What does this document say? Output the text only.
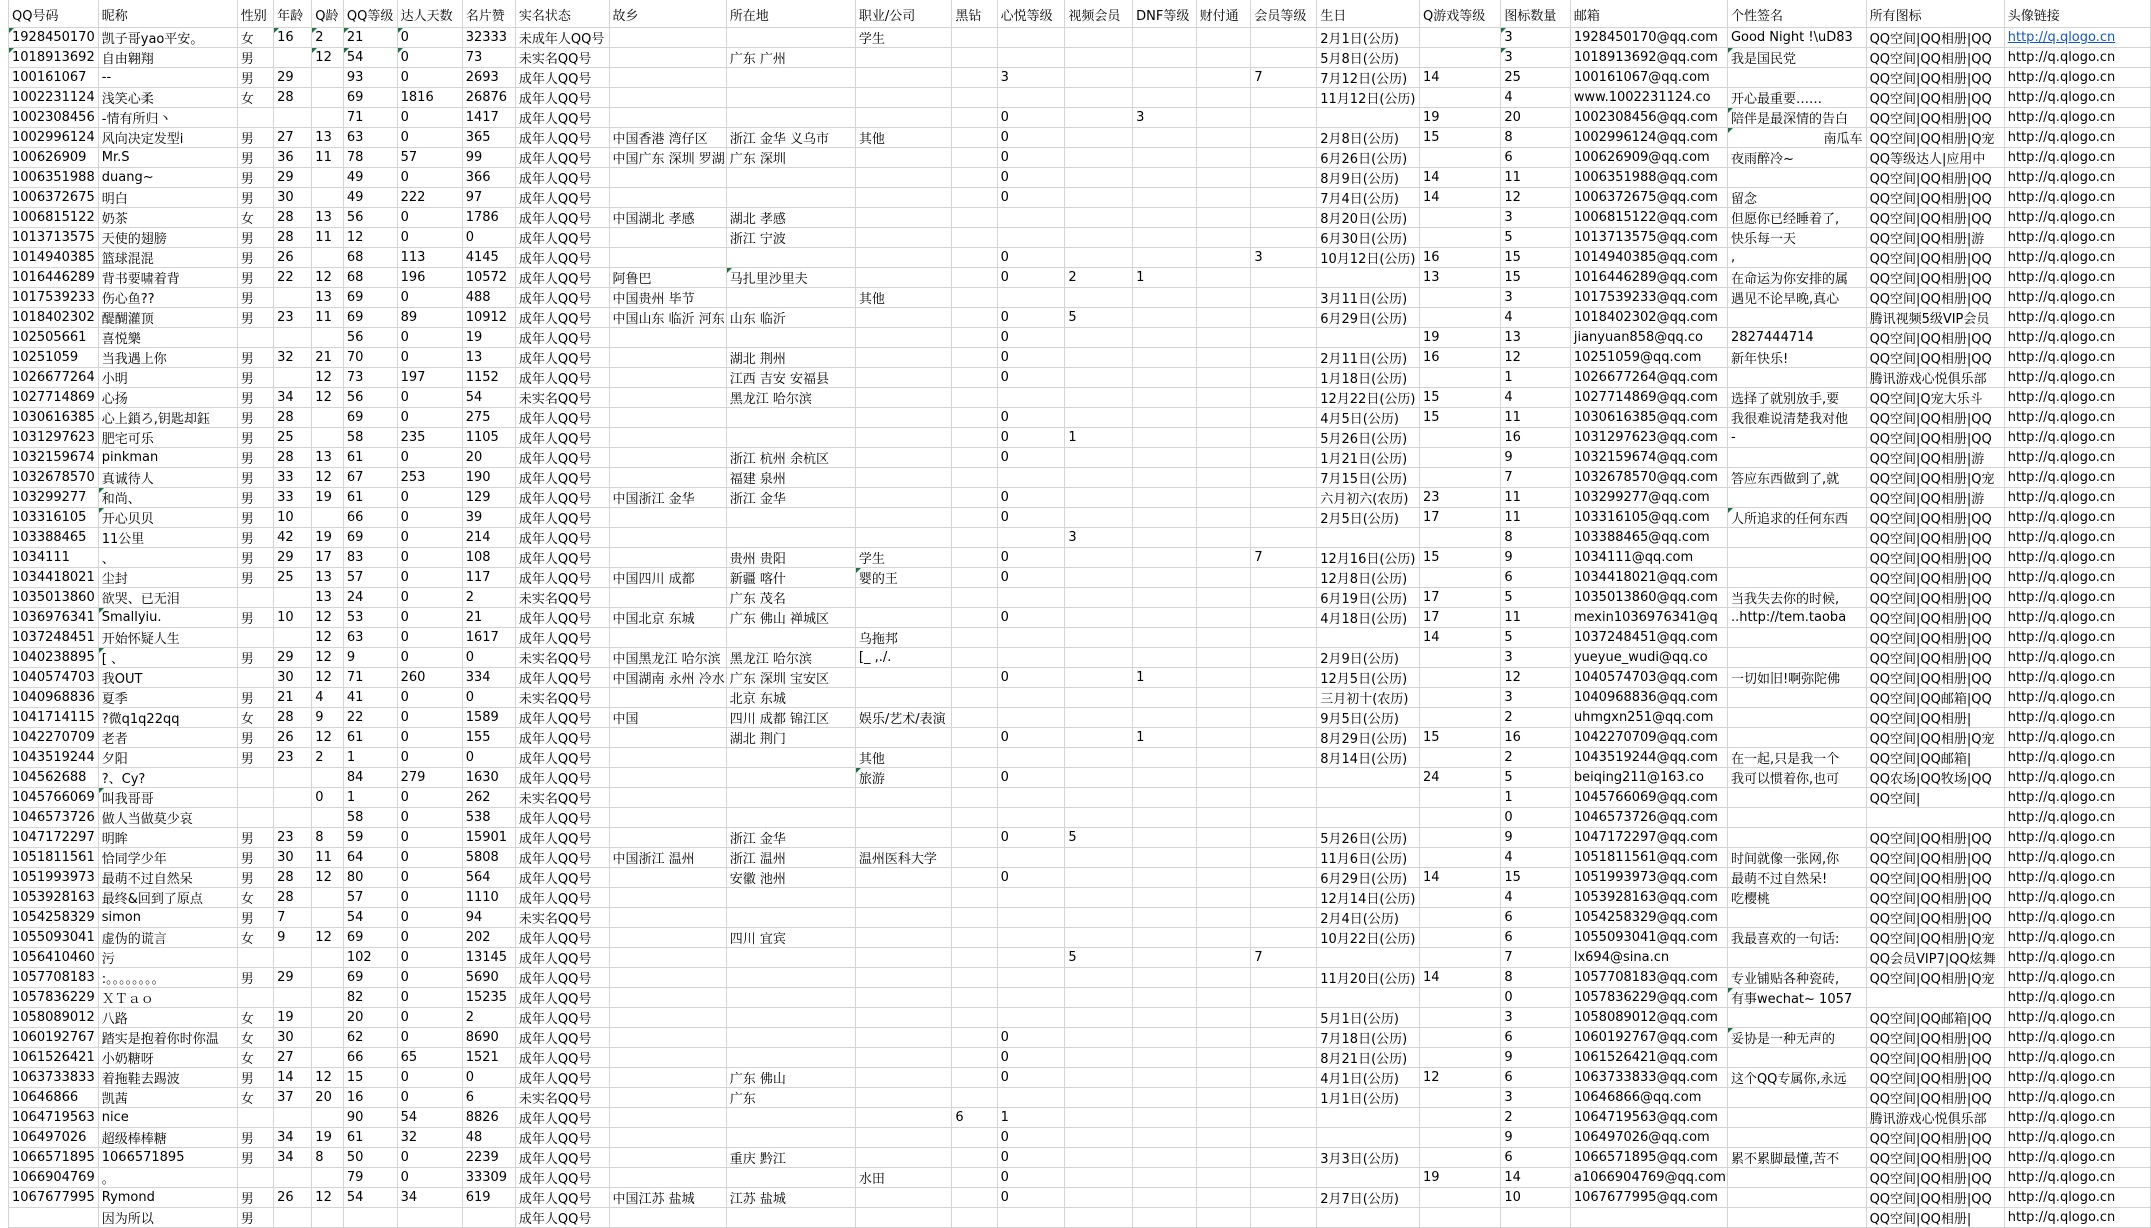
QQ号码	昵称	性别	年龄	Q龄	QQ等级	达人天数	名片赞	实名状态	故乡	所在地	职业/公司	黑钻	心悦等级	视频会员	DNF等级	财付通	会员等级	生日	Q游戏等级	图标数量	邮箱	个性签名	所有图标	头像链接
1928450170	凯子哥yao平安。	女	16	2	21	0	32333	未成年人QQ号			学生							2月1日(公历)		3	1928450170@qq.com	Good Night !\uD83	QQ空间|QQ相册|QQ	http://q.qlogo.cn
1018913692	自由翱翔	男		12	54	0	73	未实名QQ号		广东 广州								5月8日(公历)		3	1018913692@qq.com	我是国民党	QQ空间|QQ相册|QQ	http://q.qlogo.cn
100161067	--	男	29		93	0	2693	成年人QQ号					3				7	7月12日(公历)	14	25	100161067@qq.com		QQ空间|QQ相册|QQ	http://q.qlogo.cn
1002231124	浅笑心柔	女	28		69	1816	26876	成年人QQ号										11月12日(公历)		4	www.1002231124.co	开心最重要……	QQ空间|QQ相册|QQ	http://q.qlogo.cn
1002308456	-情有所归丶				71	0	1417	成年人QQ号					0		3				19	20	1002308456@qq.com	陪伴是最深情的告白	QQ空间|QQ相册|QQ	http://q.qlogo.cn
1002996124	风向决定发型i	男	27	13	63	0	365	成年人QQ号	中国香港 湾仔区	浙江 金华 义乌市	其他		0					2月8日(公历)	15	8	1002996124@qq.com	南瓜车	QQ空间|QQ相册|Q宠	http://q.qlogo.cn
100626909	Mr.S	男	36	11	78	57	99	成年人QQ号	中国广东 深圳 罗湖	广东 深圳			0					6月26日(公历)		6	100626909@qq.com	夜雨醉冷~	QQ等级达人|应用中	http://q.qlogo.cn
1006351988	duang~	男	29		49	0	366	成年人QQ号					0					8月9日(公历)	14	11	1006351988@qq.com		QQ空间|QQ相册|QQ	http://q.qlogo.cn
1006372675	明白	男	30		49	222	97	成年人QQ号					0					7月4日(公历)	14	12	1006372675@qq.com	留念	QQ空间|QQ相册|QQ	http://q.qlogo.cn
1006815122	奶茶	女	28	13	56	0	1786	成年人QQ号	中国湖北 孝感	湖北 孝感								8月20日(公历)		3	1006815122@qq.com	但愿你已经睡着了,	QQ空间|QQ相册|QQ	http://q.qlogo.cn
1013713575	天使的翅膀	男	28	11	12	0	0	成年人QQ号		浙江 宁波								6月30日(公历)		5	1013713575@qq.com	快乐每一天	QQ空间|QQ相册|游	http://q.qlogo.cn
1014940385	篮球混混	男	26		68	113	4145	成年人QQ号					0				3	10月12日(公历)	16	15	1014940385@qq.com	,	QQ空间|QQ相册|QQ	http://q.qlogo.cn
1016446289	背书要啸着背	男	22	12	68	196	10572	成年人QQ号	阿鲁巴	马扎里沙里夫			0	2	1				13	15	1016446289@qq.com	在命运为你安排的属	QQ空间|QQ相册|QQ	http://q.qlogo.cn
1017539233	伤心鱼??	男		13	69	0	488	成年人QQ号	中国贵州 毕节		其他							3月11日(公历)		3	1017539233@qq.com	遇见不论早晚,真心	QQ空间|QQ相册|QQ	http://q.qlogo.cn
1018402302	醍醐灌顶	男	23	11	69	89	10912	成年人QQ号	中国山东 临沂 河东	山东 临沂			0	5				6月29日(公历)		4	1018402302@qq.com		腾讯视频5级VIP会员	http://q.qlogo.cn
102505661	喜悦樂				56	0	19	成年人QQ号					0						19	13	jianyuan858@qq.co	2827444714	QQ空间|QQ相册|QQ	http://q.qlogo.cn
10251059	当我遇上你	男	32	21	70	0	13	成年人QQ号		湖北 荆州			0					2月11日(公历)	16	12	10251059@qq.com	新年快乐!	QQ空间|QQ相册|QQ	http://q.qlogo.cn
1026677264	小明	男		12	73	197	1152	成年人QQ号		江西 吉安 安福县			0					1月18日(公历)		1	1026677264@qq.com		腾讯游戏心悦俱乐部	http://q.qlogo.cn
1027714869	心扬	男	34	12	56	0	54	未实名QQ号		黑龙江 哈尔滨								12月22日(公历)	15	4	1027714869@qq.com	选择了就别放手,要	QQ空间|Q宠大乐斗	http://q.qlogo.cn
1030616385	心上鎖ろ,钥匙却鈺	男	28		69	0	275	成年人QQ号					0					4月5日(公历)	15	11	1030616385@qq.com	我很难说清楚我对他	QQ空间|QQ相册|QQ	http://q.qlogo.cn
1031297623	肥宅可乐	男	25		58	235	1105	成年人QQ号					0	1				5月26日(公历)		16	1031297623@qq.com	-	QQ空间|QQ相册|QQ	http://q.qlogo.cn
1032159674	pinkman	男	28	13	61	0	20	成年人QQ号		浙江 杭州 余杭区			0					1月21日(公历)		9	1032159674@qq.com		QQ空间|QQ相册|游	http://q.qlogo.cn
1032678570	真诚待人	男	33	12	67	253	190	成年人QQ号		福建 泉州								7月15日(公历)		7	1032678570@qq.com	答应东西做到了,就	QQ空间|QQ相册|Q宠	http://q.qlogo.cn
103299277	和尚、	男	33	19	61	0	129	成年人QQ号	中国浙江 金华	浙江 金华			0					六月初六(农历)	23	11	103299277@qq.com		QQ空间|QQ相册|游	http://q.qlogo.cn
103316105	开心贝贝	男	10		66	0	39	成年人QQ号					0					2月5日(公历)	17	11	103316105@qq.com	人所追求的任何东西	QQ空间|QQ相册|QQ	http://q.qlogo.cn
103388465	11公里	男	42	19	69	0	214	成年人QQ号						3						8	103388465@qq.com		QQ空间|QQ相册|QQ	http://q.qlogo.cn
1034111	、	男	29	17	83	0	108	成年人QQ号		贵州 贵阳	学生		0				7	12月16日(公历)	15	9	1034111@qq.com		QQ空间|QQ相册|QQ	http://q.qlogo.cn
1034418021	尘封	男	25	13	57	0	117	成年人QQ号	中国四川 成都	新疆 喀什	婴的王		0					12月8日(公历)		6	1034418021@qq.com		QQ空间|QQ相册|QQ	http://q.qlogo.cn
1035013860	欲哭、已无泪			13	24	0	2	未实名QQ号		广东 茂名								6月19日(公历)	17	5	1035013860@qq.com	当我失去你的时候,	QQ空间|QQ相册|QQ	http://q.qlogo.cn
1036976341	Smallyiu.	男	10	12	53	0	21	成年人QQ号	中国北京 东城	广东 佛山 禅城区			0					4月18日(公历)	17	11	mexin1036976341@q	..http://tem.taoba	QQ空间|QQ相册|QQ	http://q.qlogo.cn
1037248451	开始怀疑人生			12	63	0	1617	成年人QQ号			乌拖邦								14	5	1037248451@qq.com		QQ空间|QQ相册|QQ	http://q.qlogo.cn
1040238895	[ 、	男	29	12	9	0	0	未实名QQ号	中国黑龙江 哈尔滨	黑龙江 哈尔滨	[_ ,./.							2月9日(公历)		3	yueyue_wudi@qq.co		QQ空间|QQ相册|QQ	http://q.qlogo.cn
1040574703	我OUT		30	12	71	260	334	成年人QQ号	中国湖南 永州 冷水	广东 深圳 宝安区			0		1			12月5日(公历)		12	1040574703@qq.com	一切如旧!啊弥陀佛	QQ空间|QQ相册|QQ	http://q.qlogo.cn
1040968836	夏季	男	21	4	41	0	0	未实名QQ号		北京 东城								三月初十(农历)		3	1040968836@qq.com		QQ空间|QQ邮箱|QQ	http://q.qlogo.cn
1041714115	?微q1q22qq	女	28	9	22	0	1589	成年人QQ号	中国	四川 成都 锦江区	娱乐/艺术/表演							9月5日(公历)		2	uhmgxn251@qq.com		QQ空间|QQ相册|	http://q.qlogo.cn
1042270709	老者	男	26	12	61	0	155	成年人QQ号		湖北 荆门			0		1			8月29日(公历)	15	16	1042270709@qq.com		QQ空间|QQ相册|Q宠	http://q.qlogo.cn
1043519244	夕阳	男	23	2	1	0	0	成年人QQ号			其他							8月14日(公历)		2	1043519244@qq.com	在一起,只是我一个	QQ空间|QQ邮箱|	http://q.qlogo.cn
104562688	?、Cy?				84	279	1630	成年人QQ号			旅游		0						24	5	beiqing211@163.co	我可以惯着你,也可	QQ农场|QQ牧场|QQ	http://q.qlogo.cn
1045766069	叫我哥哥			0	1	0	262	未实名QQ号												1	1045766069@qq.com		QQ空间|	http://q.qlogo.cn
1046573726	做人当做莫少哀				58	0	538	成年人QQ号												0	1046573726@qq.com			http://q.qlogo.cn
1047172297	明眸	男	23	8	59	0	15901	成年人QQ号		浙江 金华			0	5				5月26日(公历)		9	1047172297@qq.com		QQ空间|QQ相册|QQ	http://q.qlogo.cn
1051811561	恰同学少年	男	30	11	64	0	5808	成年人QQ号	中国浙江 温州	浙江 温州	温州医科大学							11月6日(公历)		4	1051811561@qq.com	时间就像一张网,你	QQ空间|QQ相册|QQ	http://q.qlogo.cn
1051993973	最萌不过自然呆	男	28	12	80	0	564	成年人QQ号		安徽 池州			0					6月29日(公历)	14	15	1051993973@qq.com	最萌不过自然呆!	QQ空间|QQ相册|QQ	http://q.qlogo.cn
1053928163	最终&回到了原点	女	28		57	0	1110	成年人QQ号										12月14日(公历)		4	1053928163@qq.com	吃樱桃	QQ空间|QQ相册|QQ	http://q.qlogo.cn
1054258329	simon	男	7		54	0	94	未实名QQ号										2月4日(公历)		6	1054258329@qq.com		QQ空间|QQ相册|QQ	http://q.qlogo.cn
1055093041	虚伪的谎言	女	9	12	69	0	202	成年人QQ号		四川 宜宾								10月22日(公历)		6	1055093041@qq.com	我最喜欢的一句话:	QQ空间|QQ相册|Q宠	http://q.qlogo.cn
1056410460	污				102	0	13145	成年人QQ号						5			7			7	lx694@sina.cn		QQ会员VIP7|QQ炫舞	http://q.qlogo.cn
1057708183	:。。。。。。。。	男	29		69	0	5690	成年人QQ号										11月20日(公历)	14	8	1057708183@qq.com	专业铺贴各种瓷砖,	QQ空间|QQ相册|Q宠	http://q.qlogo.cn
1057836229	ＸＴａｏ				82	0	15235	成年人QQ号												0	1057836229@qq.com	有事wechat~ 1057		http://q.qlogo.cn
1058089012	八路	女	19		20	0	2	成年人QQ号										5月1日(公历)		3	1058089012@qq.com		QQ空间|QQ邮箱|QQ	http://q.qlogo.cn
1060192767	踏实是抱着你时你温	女	30		62	0	8690	成年人QQ号					0					7月18日(公历)		6	1060192767@qq.com	妥协是一种无声的	QQ空间|QQ相册|QQ	http://q.qlogo.cn
1061526421	小奶糖呀	女	27		66	65	1521	成年人QQ号					0					8月21日(公历)		9	1061526421@qq.com		QQ空间|QQ相册|QQ	http://q.qlogo.cn
1063733833	着拖鞋去踢波	男	14	12	15	0	0	成年人QQ号		广东 佛山			0					4月1日(公历)	12	6	1063733833@qq.com	这个QQ专属你,永远	QQ空间|QQ相册|QQ	http://q.qlogo.cn
10646866	凯茜	女	37	20	16	0	6	未实名QQ号		广东								1月1日(公历)		3	10646866@qq.com		QQ空间|QQ相册|QQ	http://q.qlogo.cn
1064719563	nice				90	54	8826	成年人QQ号				6	1							2	1064719563@qq.com		腾讯游戏心悦俱乐部	http://q.qlogo.cn
106497026	超级棒棒糖	男	34	19	61	32	48	成年人QQ号					0							9	106497026@qq.com		QQ空间|QQ相册|QQ	http://q.qlogo.cn
1066571895	1066571895	男	34	8	50	0	2239	成年人QQ号		重庆 黔江			0					3月3日(公历)		6	1066571895@qq.com	累不累脚最懂,苦不	QQ空间|QQ相册|QQ	http://q.qlogo.cn
1066904769	。				79	0	33309	成年人QQ号			水田		0						19	14	a1066904769@qq.com		QQ空间|QQ相册|QQ	http://q.qlogo.cn
1067677995	Rymond	男	26	12	54	34	619	成年人QQ号	中国江苏 盐城	江苏 盐城			0					2月7日(公历)		10	1067677995@qq.com		QQ空间|QQ相册|QQ	http://q.qlogo.cn
	因为所以	男						成年人QQ号															QQ空间|QQ相册|	http://q.qlogo.cn
